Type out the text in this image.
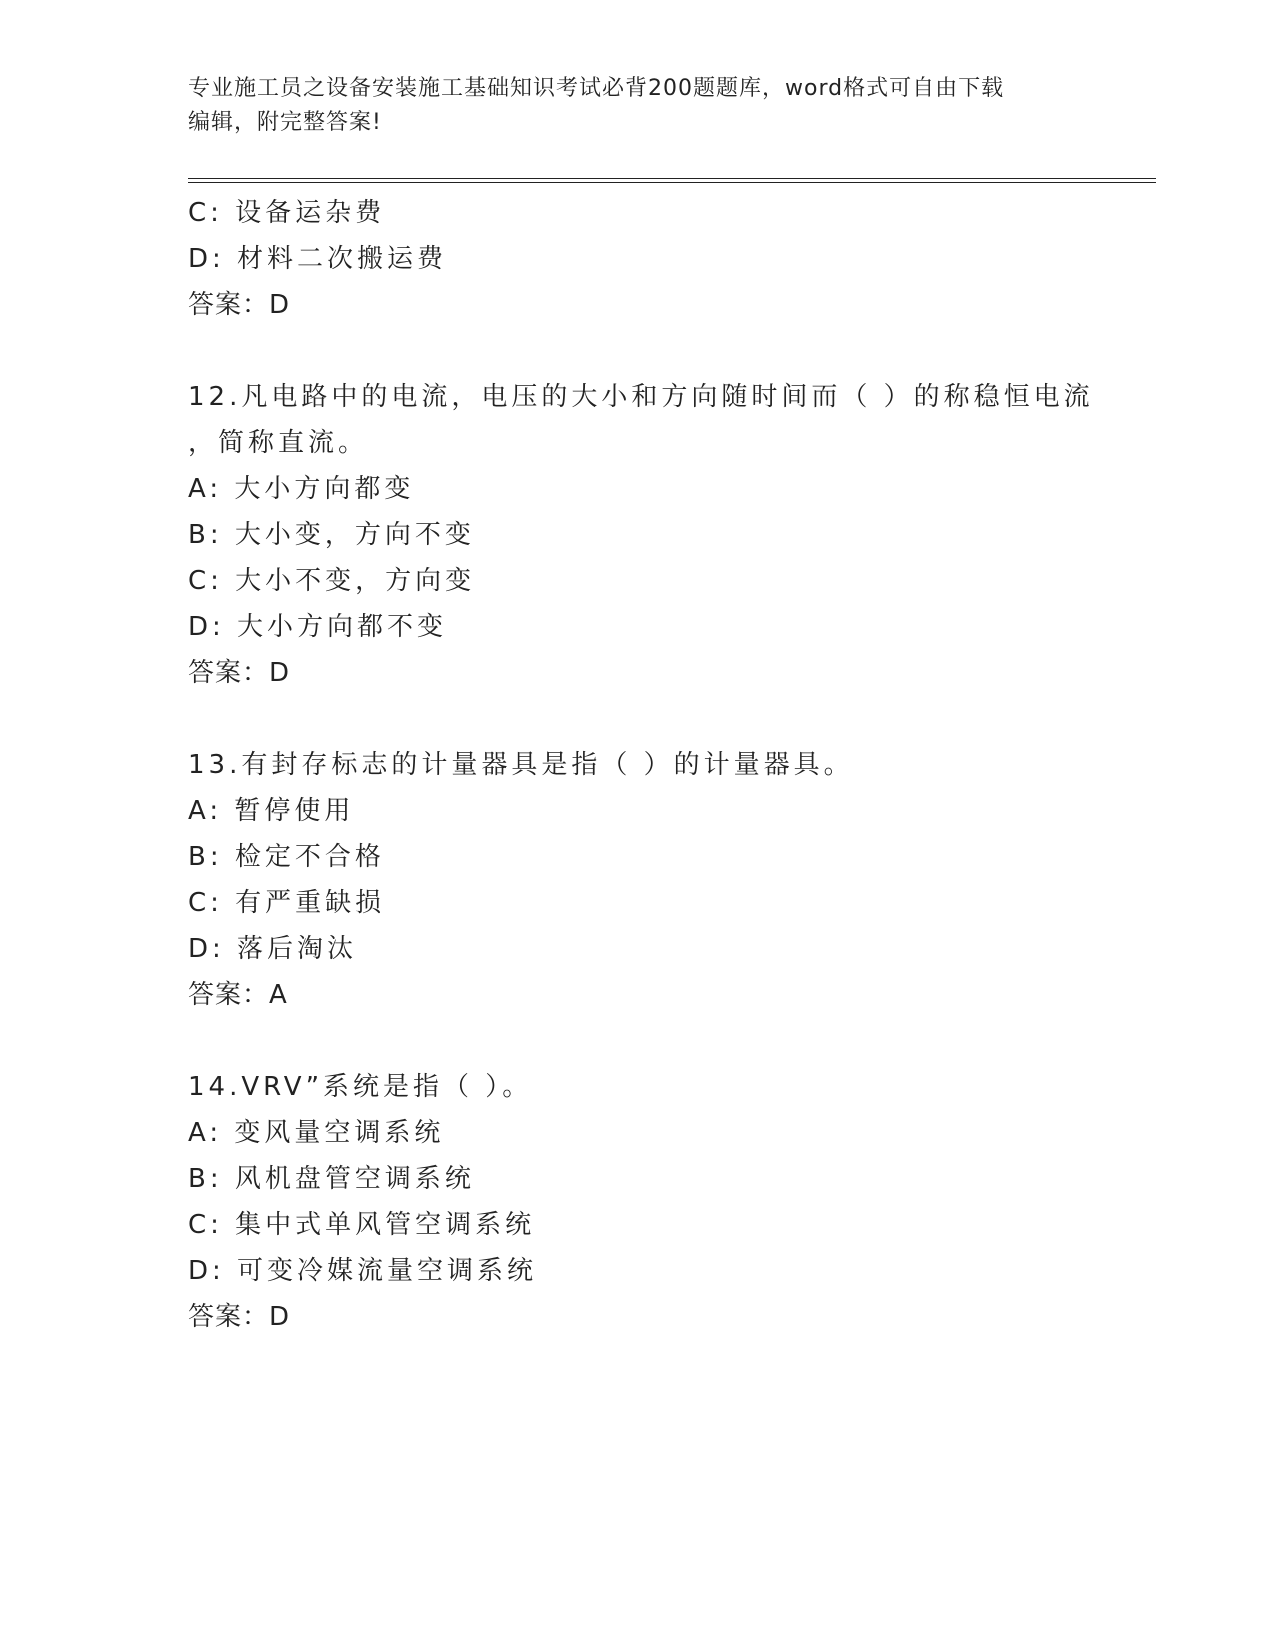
专业施工员之设备安装施工基础知识考试必背200题题库，word格式可自由下载
编辑，附完整答案!
C: 设备运杂费
D: 材料二次搬运费
答案：D
12.凡电路中的电流，电压的大小和方向随时间而（ ）的称稳恒电流
，简称直流。
A: 大小方向都变
B: 大小变，方向不变
C: 大小不变，方向变
D: 大小方向都不变
答案：D
13.有封存标志的计量器具是指（ ）的计量器具。
A: 暂停使用
B: 检定不合格
C: 有严重缺损
D: 落后淘汰
答案：A
14.VRV”系统是指（ ）。
A: 变风量空调系统
B: 风机盘管空调系统
C: 集中式单风管空调系统
D: 可变冷媒流量空调系统
答案：D
